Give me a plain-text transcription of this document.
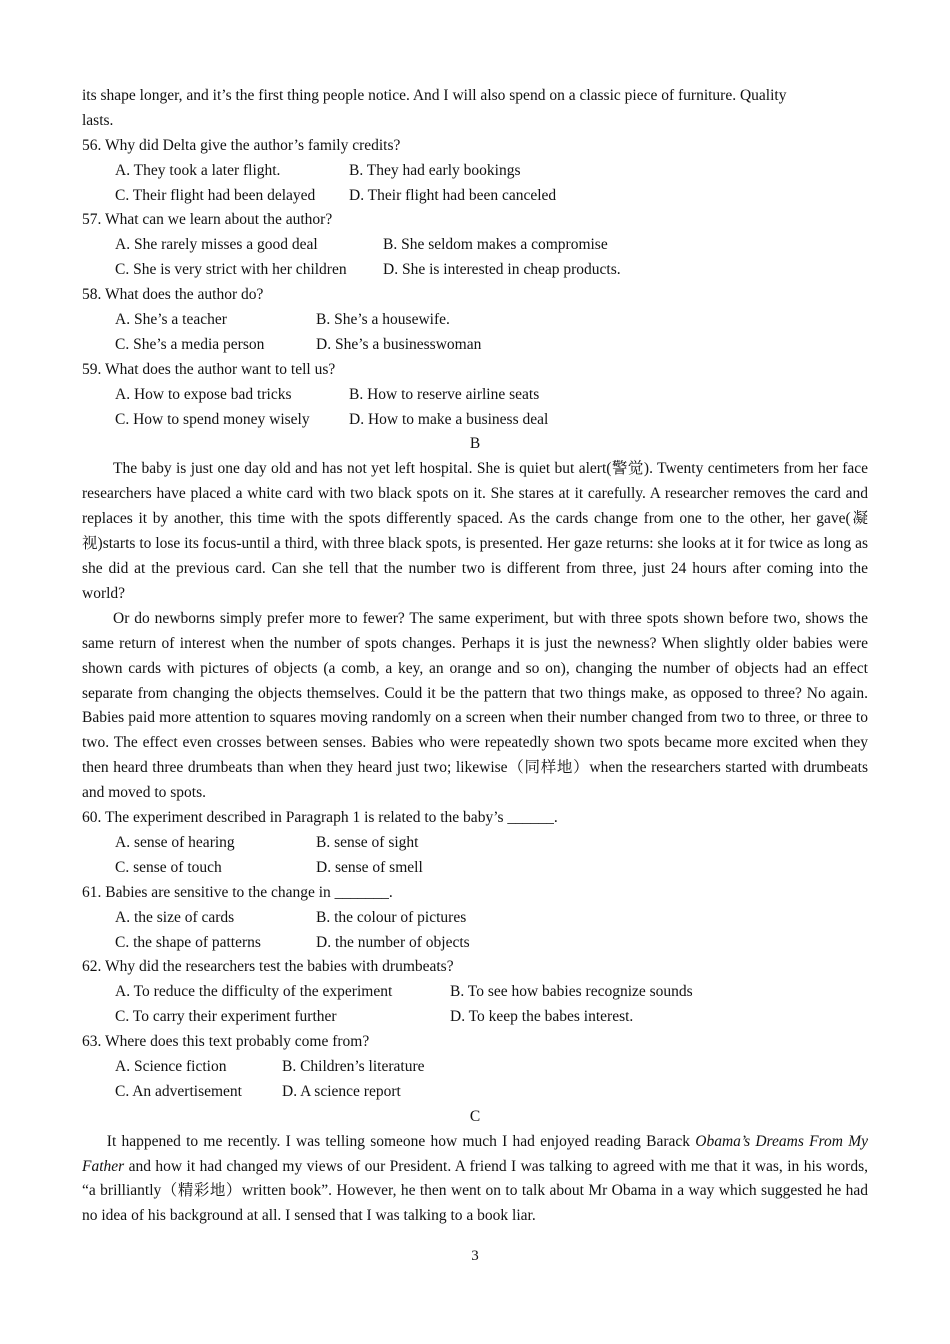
its shape longer, and it’s the first thing people notice. And I will also spend on a classic piece of furniture. Quality
lasts.
56. Why did Delta give the author’s family credits?
A. They took a later flight.	B. They had early bookings
C. Their flight had been delayed D. Their flight had been canceled
57. What can we learn about the author?
A. She rarely misses a good deal	B. She seldom makes a compromise
C. She is very strict with her children D. She is interested in cheap products.
58. What does the author do?
A. She’s a teacher	B. She’s a housewife.
C. She’s a media person	D. She’s a businesswoman
59. What does the author want to tell us?
A. How to expose bad tricks	B. How to reserve airline seats
C. How to spend money wisely	D. How to make a business deal
B

The baby is just one day old and has not yet left hospital. She is quiet but alert(警觉). Twenty centimeters from her face researchers have placed a white card with two black spots on it. She stares at it carefully. A researcher removes the card and replaces it by another, this time with the spots differently spaced. As the cards change from one to the other, her gave(凝视)starts to lose its focus-until a third, with three black spots, is presented. Her gaze returns: she looks at it for twice as long as she did at the previous card. Can she tell that the number two is different from three, just 24 hours after coming into the world?

Or do newborns simply prefer more to fewer? The same experiment, but with three spots shown before two, shows the same return of interest when the number of spots changes. Perhaps it is just the newness? When slightly older babies were shown cards with pictures of objects (a comb, a key, an orange and so on), changing the number of objects had an effect separate from changing the objects themselves. Could it be the pattern that two things make, as opposed to three? No again. Babies paid more attention to squares moving randomly on a screen when their number changed from two to three, or three to two. The effect even crosses between senses. Babies who were repeatedly shown two spots became more excited when they then heard three drumbeats than when they heard just two; likewise（同样地）when the researchers started with drumbeats and moved to spots.

60. The experiment described in Paragraph 1 is related to the baby’s ______.
A. sense of hearing	B. sense of sight
C. sense of touch	D. sense of smell
61. Babies are sensitive to the change in _______.
A. the size of cards	B. the colour of pictures
C. the shape of patterns	D. the number of objects
62. Why did the researchers test the babies with drumbeats?
A. To reduce the difficulty of the experiment	B. To see how babies recognize sounds
C. To carry their experiment further	D. To keep the babes interest.
63. Where does this text probably come from?
A. Science fiction	B. Children’s literature
C. An advertisement	D. A science report
C

It happened to me recently. I was telling someone how much I had enjoyed reading Barack Obama’s Dreams From My Father and how it had changed my views of our President. A friend I was talking to agreed with me that it was, in his words, “a brilliantly（精彩地）written book”. However, he then went on to talk about Mr Obama in a way which suggested he had no idea of his background at all. I sensed that I was talking to a book liar.

3
